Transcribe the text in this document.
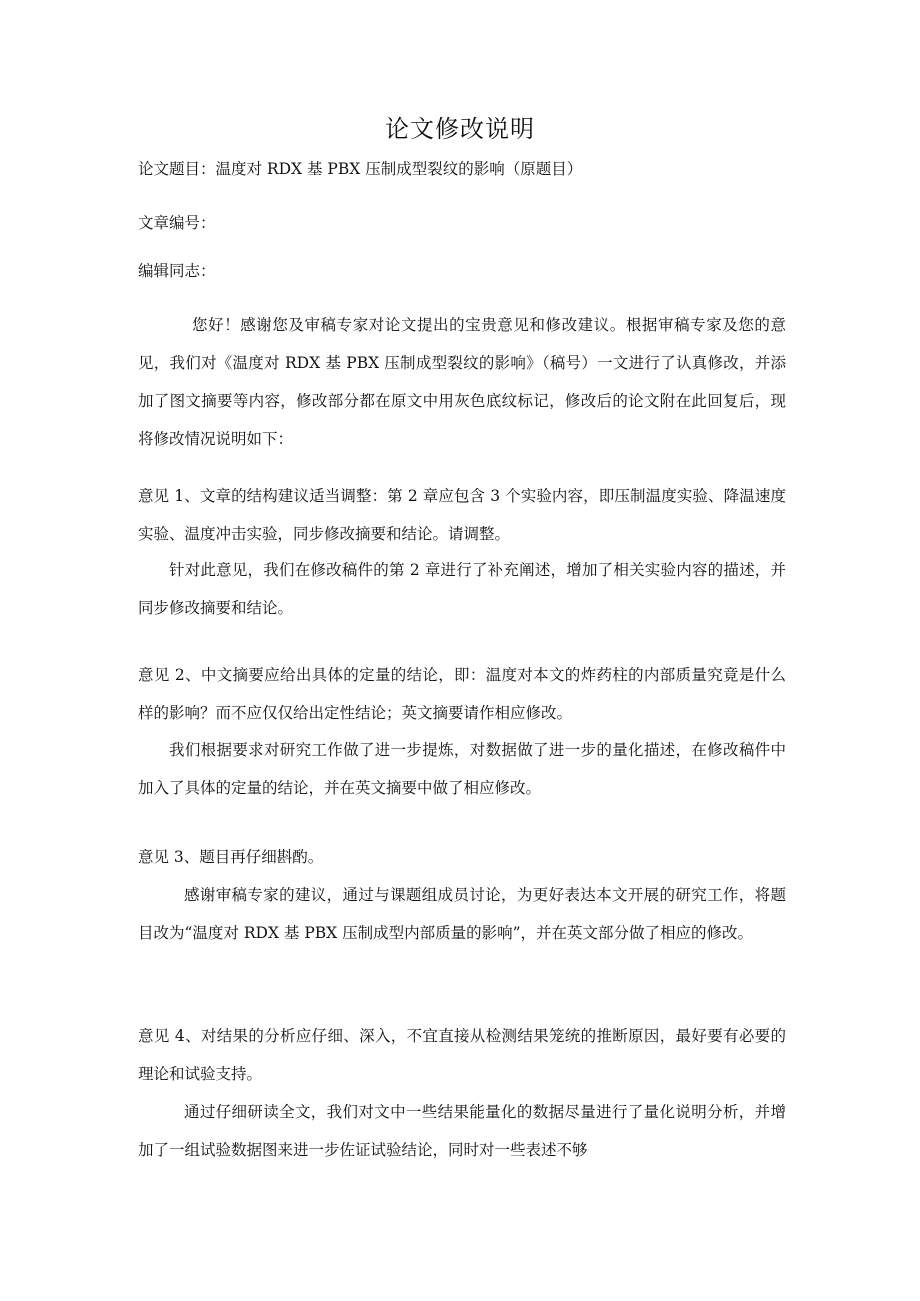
论文修改说明
论文题目：温度对 RDX 基 PBX 压制成型裂纹的影响（原题目）
文章编号：
编辑同志：
您好！感谢您及审稿专家对论文提出的宝贵意见和修改建议。根据审稿专家及您的意见，我们对《温度对 RDX 基 PBX 压制成型裂纹的影响》（稿号）一文进行了认真修改，并添加了图文摘要等内容，修改部分都在原文中用灰色底纹标记，修改后的论文附在此回复后，现将修改情况说明如下：
意见 1、文章的结构建议适当调整：第 2 章应包含 3 个实验内容，即压制温度实验、降温速度实验、温度冲击实验，同步修改摘要和结论。请调整。
针对此意见，我们在修改稿件的第 2 章进行了补充阐述，增加了相关实验内容的描述，并同步修改摘要和结论。
意见 2、中文摘要应给出具体的定量的结论，即：温度对本文的炸药柱的内部质量究竟是什么样的影响？而不应仅仅给出定性结论；英文摘要请作相应修改。
我们根据要求对研究工作做了进一步提炼，对数据做了进一步的量化描述，在修改稿件中加入了具体的定量的结论，并在英文摘要中做了相应修改。
意见 3、题目再仔细斟酌。
感谢审稿专家的建议，通过与课题组成员讨论，为更好表达本文开展的研究工作，将题目改为“温度对 RDX 基 PBX 压制成型内部质量的影响”，并在英文部分做了相应的修改。
意见 4、对结果的分析应仔细、深入，不宜直接从检测结果笼统的推断原因，最好要有必要的理论和试验支持。
通过仔细研读全文，我们对文中一些结果能量化的数据尽量进行了量化说明分析，并增加了一组试验数据图来进一步佐证试验结论，同时对一些表述不够
